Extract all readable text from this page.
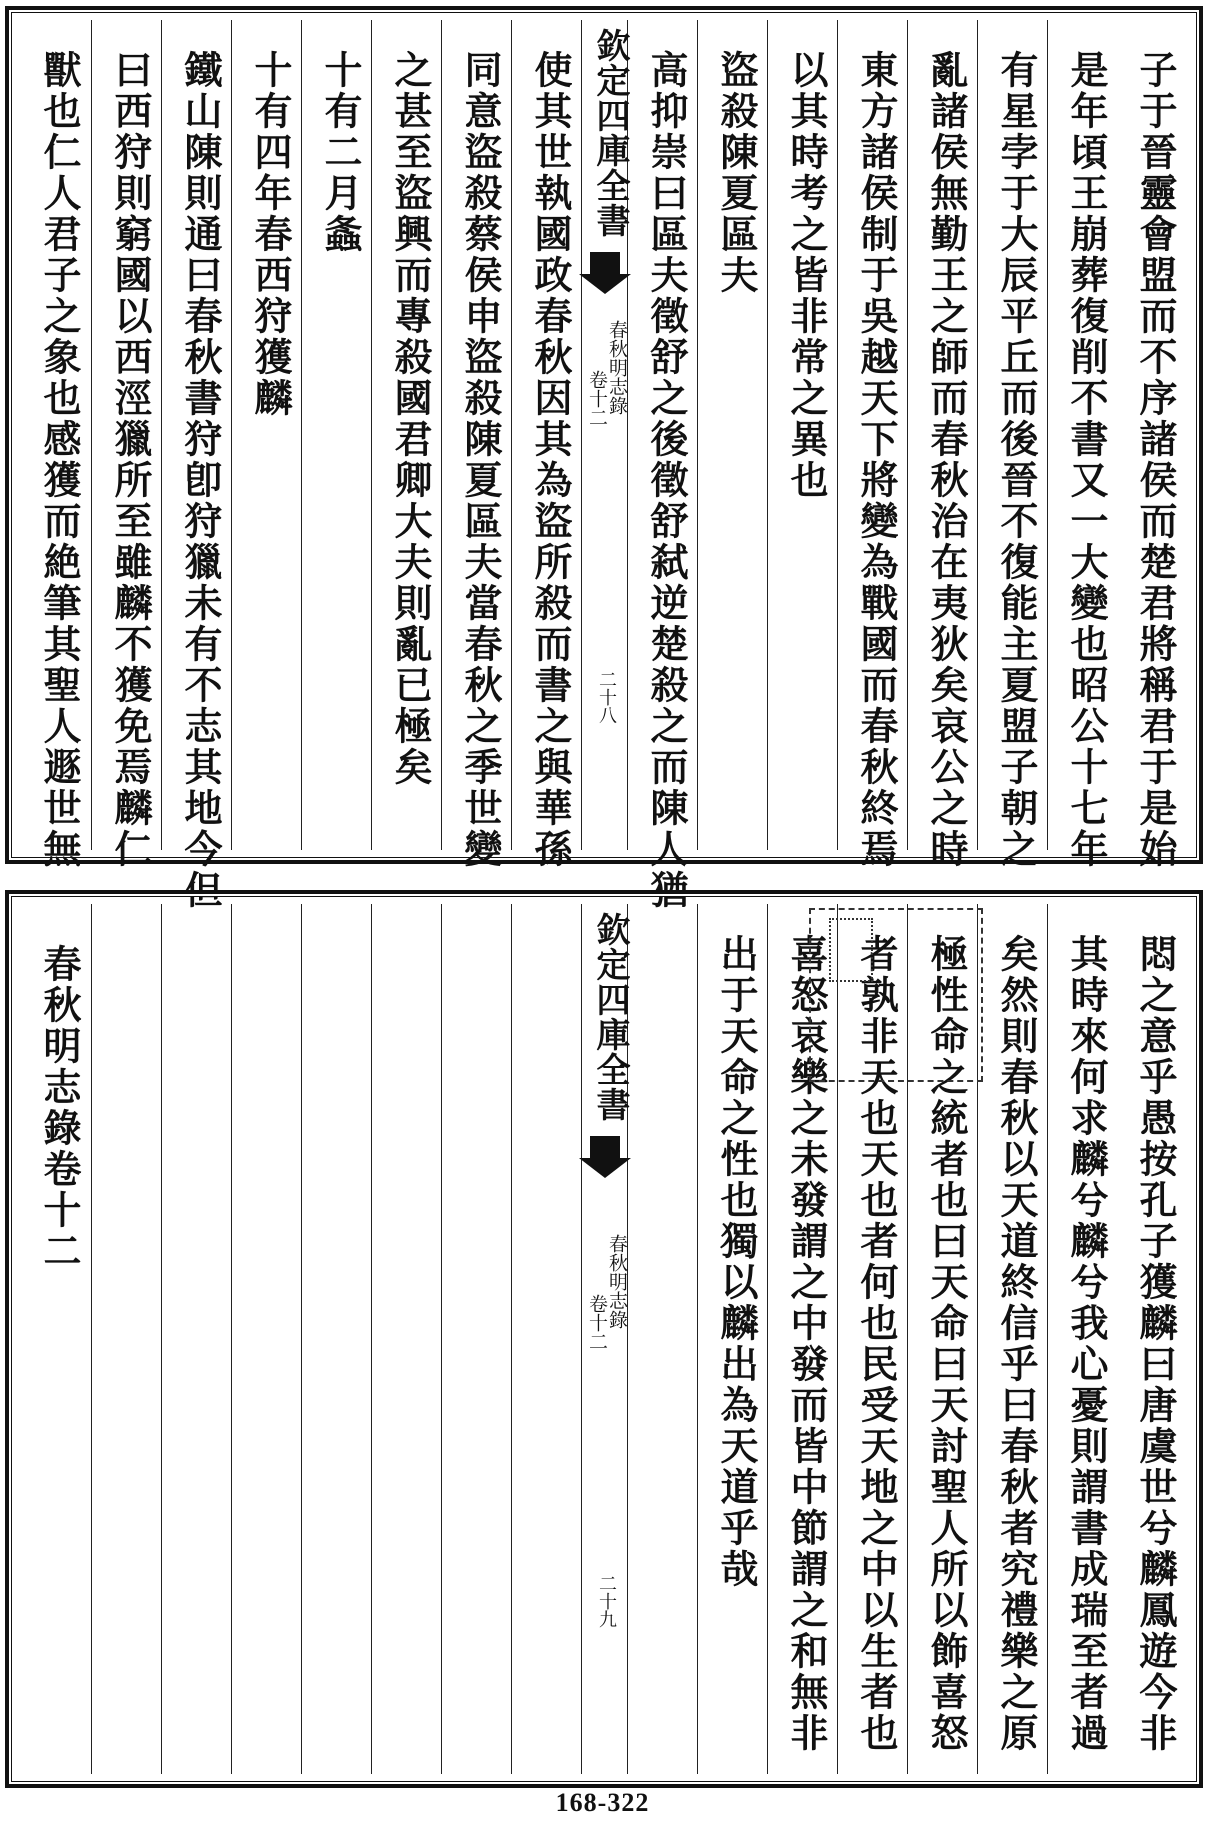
子于晉靈會盟而不序諸侯而楚君將稱君于是始
是年頃王崩葬復削不書又一大變也昭公十七年
有星孛于大辰平丘而後晉不復能主夏盟子朝之
亂諸侯無勤王之師而春秋治在夷狄矣哀公之時
東方諸侯制于吳越天下將變為戰國而春秋終焉
以其時考之皆非常之異也
盜殺陳夏區夫
高抑崇曰區夫徵舒之後徵舒弑逆楚殺之而陳人猶
欽定四庫全書
春秋明志錄
卷十二
二十八
使其世執國政春秋因其為盜所殺而書之與華孫
同意盜殺蔡侯申盜殺陳夏區夫當春秋之季世變
之甚至盜興而專殺國君卿大夫則亂已極矣
十有二月螽
十有四年春西狩獲麟
鐵山陳則通曰春秋書狩卽狩獵未有不志其地今但
曰西狩則窮國以西涇獵所至雖麟不獲免焉麟仁
獸也仁人君子之象也感獲而絶筆其聖人遯世無
悶之意乎愚按孔子獲麟曰唐虞世兮麟鳳遊今非
其時來何求麟兮麟兮我心憂則謂書成瑞至者過
矣然則春秋以天道終信乎曰春秋者究禮樂之原
極性命之統者也曰天命曰天討聖人所以飾喜怒
者孰非天也天也者何也民受天地之中以生者也
喜怒哀樂之未發謂之中發而皆中節謂之和無非
出于天命之性也獨以麟出為天道乎哉
欽定四庫全書
春秋明志錄
卷十二
二十九
春秋明志錄卷十二
168-322
